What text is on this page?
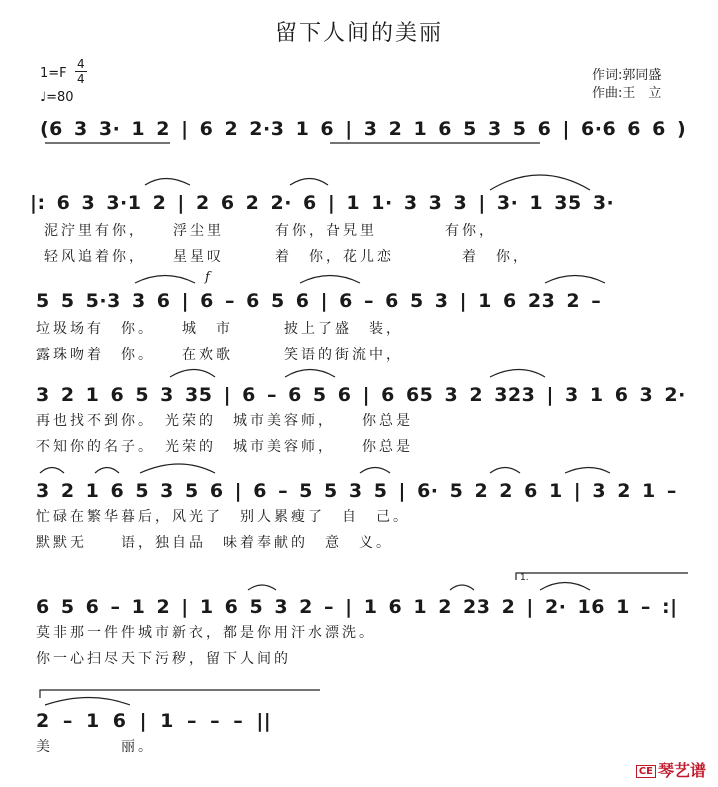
留下人间的美丽
1=F
4
4
♩=80
作词:郭同盛
作曲:王　立
(6 3 3· 1 2 | 6 2 2·3 1 6 | 3 2 1 6 5 3 5 6 | 6·6 6 6 )
|: 6 3 3·1 2 | 2 6 2 2· 6 | 1 1· 3 3 3 | 3· 1 35 3·
泥泞里有你，　　浮尘里　　　有你，旮旯里　　　　有你，
轻风追着你，　　星星叹　　　着　你，花儿恋　　　　着　你，
5 5 5·3 3 6 | 6 – 6 5 6 | 6 – 6 5 3 | 1 6 23 2 –
垃圾场有　你。　　城　市　　　披上了盛　装，
露珠吻着　你。　　在欢歌　　　笑语的街流中，
f
3 2 1 6 5 3 35 | 6 – 6 5 6 | 6 65 3 2 323 | 3 1 6 3 2·
再也找不到你。　光荣的　城市美容师，　　你总是
不知你的名子。　光荣的　城市美容师，　　你总是
3 2 1 6 5 3 5 6 | 6 – 5 5 3 5 | 6· 5 2 2 6 1 | 3 2 1 –
忙碌在繁华暮后，风光了　别人累瘦了　自　己。
默默无　　语，独自品　味着奉献的　意　义。
1.
6 5 6 – 1 2 | 1 6 5 3 2 – | 1 6 1 2 23 2 | 2· 16 1 – :|
莫非那一件件城市新衣，都是你用汗水漂洗。
你一心扫尽天下污秽，留下人间的
2 – 1 6 | 1 – – – ||
美　　　　丽。
CE 琴艺谱
